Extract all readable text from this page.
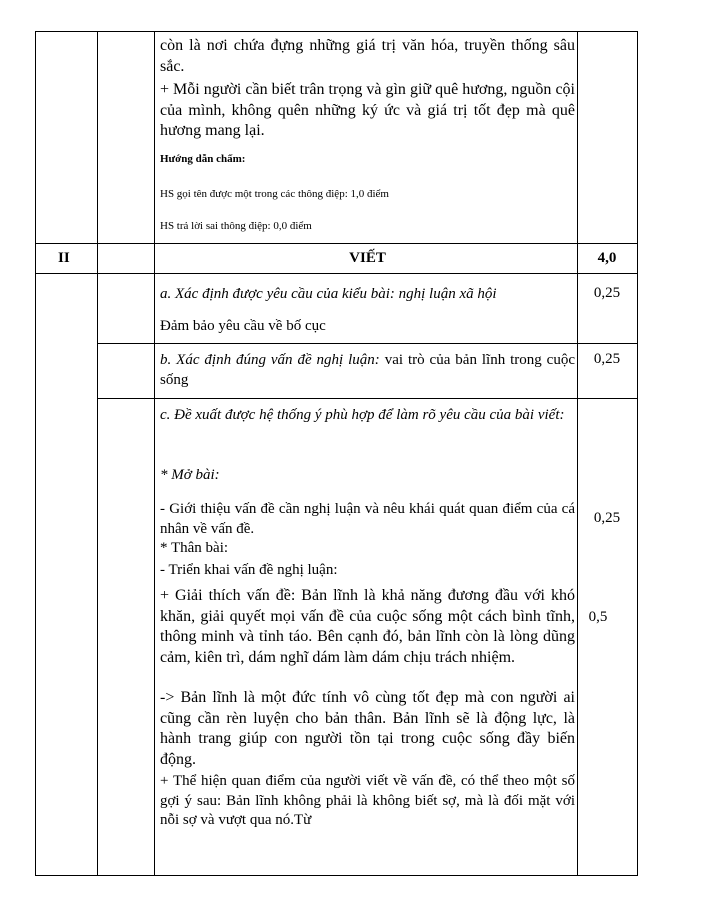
còn là nơi chứa đựng những giá trị văn hóa, truyền thống sâu sắc.
+ Mỗi người cần biết trân trọng và gìn giữ quê hương, nguồn cội của mình, không quên những ký ức và giá trị tốt đẹp mà quê hương mang lại.
Hướng dẫn chấm:
HS gọi tên được một trong các thông điệp: 1,0 điểm
HS trả lời sai thông điệp: 0,0 điểm
II	VIẾT	4,0
a. Xác định được yêu cầu của kiểu bài: nghị luận xã hội
Đảm bảo yêu cầu về bố cục
0,25
b. Xác định đúng vấn đề nghị luận: vai trò của bản lĩnh trong cuộc sống
0,25
c. Đề xuất được hệ thống ý phù hợp để làm rõ yêu cầu của bài viết:
* Mở bài:
- Giới thiệu vấn đề cần nghị luận và nêu khái quát quan điểm của cá nhân về vấn đề.
* Thân bài:
- Triển khai vấn đề nghị luận:
+ Giải thích vấn đề: Bản lĩnh là khả năng đương đầu với khó khăn, giải quyết mọi vấn đề của cuộc sống một cách bình tĩnh, thông minh và tỉnh táo. Bên cạnh đó, bản lĩnh còn là lòng dũng cảm, kiên trì, dám nghĩ dám làm dám chịu trách nhiệm.
-> Bản lĩnh là một đức tính vô cùng tốt đẹp mà con người ai cũng cần rèn luyện cho bản thân. Bản lĩnh sẽ là động lực, là hành trang giúp con người tồn tại trong cuộc sống đầy biến động.
+ Thể hiện quan điểm của người viết về vấn đề, có thể theo một số gợi ý sau: Bản lĩnh không phải là không biết sợ, mà là đối mặt với nỗi sợ và vượt qua nó.Từ
0,25
0,5
